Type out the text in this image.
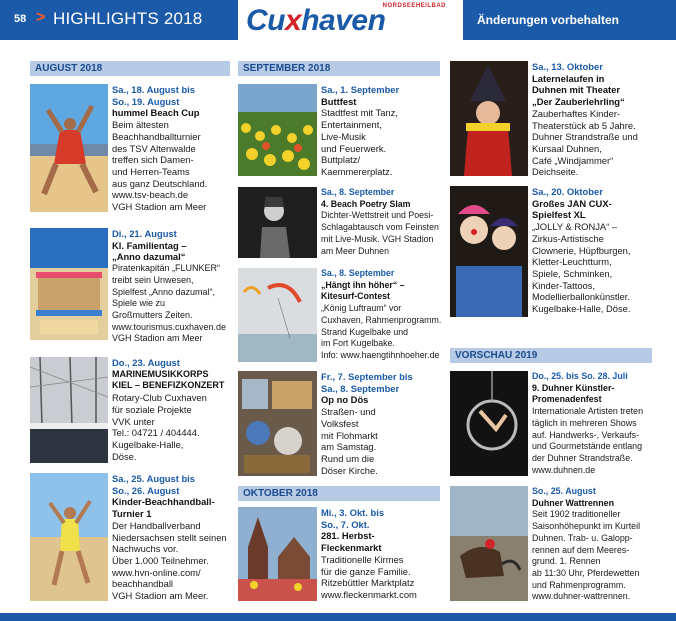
58 > HIGHLIGHTS 2018
NORDSEEHEILBAD
Cuxhaven	Änderungen vorbehalten
AUGUST 2018	SEPTEMBER 2018
OKTOBER 2018
VORSCHAU 2019
Sa., 18. August bis
So., 19. August
hummel Beach Cup
Beim ältesten
Beachhandballturnier
des TSV Altenwalde
treffen sich Damen-
und Herren-Teams
aus ganz Deutschland.
www.tsv-beach.de
VGH Stadion am Meer
Di., 21. August
Kl. Familientag –
„Anno dazumal“
Piratenkapitän „FLUNKER“
treibt sein Unwesen,
Spielfest „Anno dazumal“,
Spiele wie zu
Großmutters Zeiten.
www.tourismus.cuxhaven.de
VGH Stadion am Meer
Do., 23. August
MARINEMUSIKKORPS
KIEL – BENEFIZKONZERT
Rotary-Club Cuxhaven
für soziale Projekte
VVK unter
Tel.: 04721 / 404444.
Kugelbake-Halle,
Döse.
Sa., 25. August bis
So., 26. August
Kinder-Beachhandball-
Turnier 1
Der Handballverband
Niedersachsen stellt seinen
Nachwuchs vor.
Über 1.000 Teilnehmer.
www.hvn-online.com/
beachhandball
VGH Stadion am Meer.
Sa., 1. September
Buttfest
Stadtfest mit Tanz,
Entertainment,
Live-Musik
und Feuerwerk.
Buttplatz/
Kaemmererplatz.
Sa., 8. September
4. Beach Poetry Slam
Dichter-Wettstreit und Poesi-
Schlagabtausch vom Feinsten
mit Live-Musik. VGH Stadion
am Meer Duhnen
Sa., 8. September
„Hängt ihn höher“ –
Kitesurf-Contest
„König Luftraum“ vor
Cuxhaven, Rahmenprogramm.
Strand Kugelbake und
im Fort Kugelbake.
Info: www.haengtihnhoeher.de
Fr., 7. September bis
Sa., 8. September
Op no Dös
Straßen- und
Volksfest
mit Flohmarkt
am Samstag.
Rund um die
Döser Kirche.
Mi., 3. Okt. bis
So., 7. Okt.
281. Herbst-
Fleckenmarkt
Traditionelle Kirmes
für die ganze Familie.
Ritzebüttler Marktplatz
www.fleckenmarkt.com
Sa., 13. Oktober
Laternelaufen in
Duhnen mit Theater
„Der Zauberlehrling“
Zauberhaftes Kinder-
Theaterstück ab 5 Jahre.
Duhner Strandstraße und
Kursaal Duhnen,
Café „Windjammer“
Deichseite.
Sa., 20. Oktober
Großes JAN CUX-
Spielfest XL
„JOLLY & RONJA“ –
Zirkus-Artistische
Clownerie, Hüpfburgen,
Kletter-Leuchtturm,
Spiele, Schminken,
Kinder-Tattoos,
Modellierballonkünstler.
Kugelbake-Halle, Döse.
Do., 25. bis So. 28. Juli
9. Duhner Künstler-
Promenadenfest
Internationale Artisten treten
täglich in mehreren Shows
auf. Handwerks-, Verkaufs-
und Gourmetstände entlang
der Duhner Strandstraße.
www.duhnen.de
So., 25. August
Duhner Wattrennen
Seit 1902 traditioneller
Saisonhöhepunkt im Kurteil
Duhnen. Trab- u. Galopp-
rennen auf dem Meeres-
grund. 1. Rennen
ab 11:30 Uhr, Pferdewetten
und Rahmenprogramm.
www.duhner-wattrennen.
